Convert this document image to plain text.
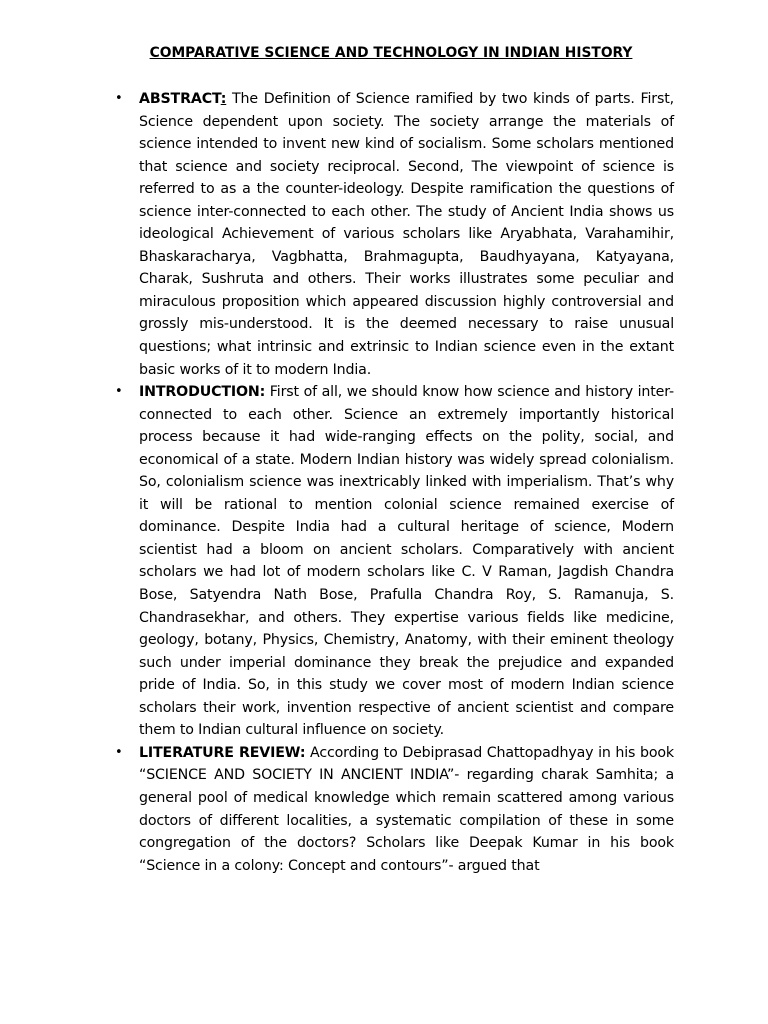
COMPARATIVE SCIENCE AND TECHNOLOGY IN INDIAN HISTORY
• ABSTRACT: The Definition of Science ramified by two kinds of parts. First, Science dependent upon society. The society arrange the materials of science intended to invent new kind of socialism. Some scholars mentioned that science and society reciprocal. Second, The viewpoint of science is referred to as a the counter-ideology. Despite ramification the questions of science inter-connected to each other. The study of Ancient India shows us ideological Achievement of various scholars like Aryabhata, Varahamihir, Bhaskaracharya, Vagbhatta, Brahmagupta, Baudhyayana, Katyayana, Charak, Sushruta and others. Their works illustrates some peculiar and miraculous proposition which appeared discussion highly controversial and grossly mis-understood. It is the deemed necessary to raise unusual questions; what intrinsic and extrinsic to Indian science even in the extant basic works of it to modern India.
• INTRODUCTION: First of all, we should know how science and history inter-connected to each other. Science an extremely importantly historical process because it had wide-ranging effects on the polity, social, and economical of a state. Modern Indian history was widely spread colonialism. So, colonialism science was inextricably linked with imperialism. That’s why it will be rational to mention colonial science remained exercise of dominance. Despite India had a cultural heritage of science, Modern scientist had a bloom on ancient scholars. Comparatively with ancient scholars we had lot of modern scholars like C. V Raman, Jagdish Chandra Bose, Satyendra Nath Bose, Prafulla Chandra Roy, S. Ramanuja, S. Chandrasekhar, and others. They expertise various fields like medicine, geology, botany, Physics, Chemistry, Anatomy, with their eminent theology such under imperial dominance they break the prejudice and expanded pride of India. So, in this study we cover most of modern Indian science scholars their work, invention respective of ancient scientist and compare them to Indian cultural influence on society.
• LITERATURE REVIEW: According to Debiprasad Chattopadhyay in his book “SCIENCE AND SOCIETY IN ANCIENT INDIA”- regarding charak Samhita; a general pool of medical knowledge which remain scattered among various doctors of different localities, a systematic compilation of these in some congregation of the doctors? Scholars like Deepak Kumar in his book “Science in a colony: Concept and contours”- argued that
